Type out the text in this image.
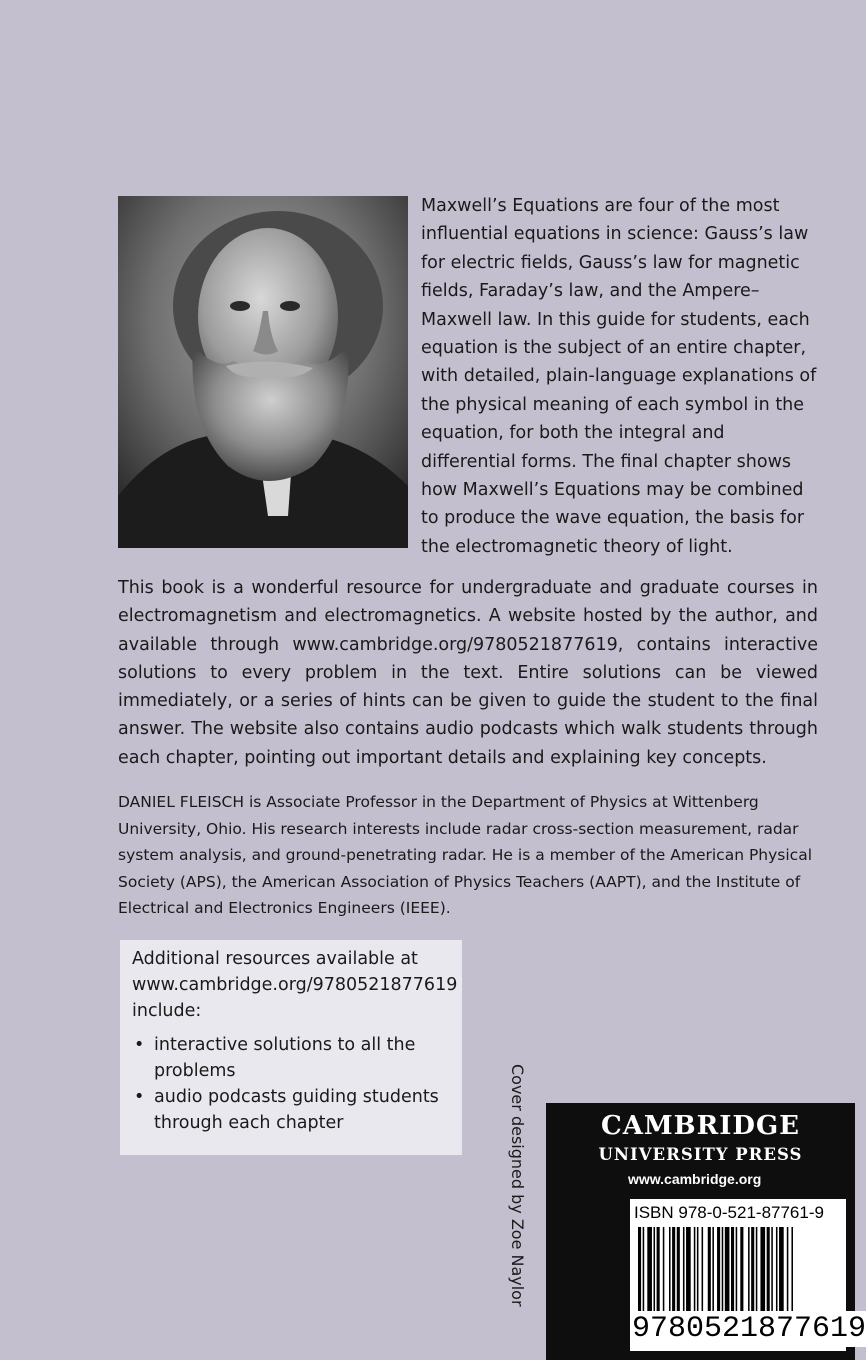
Maxwell’s Equations are four of the most influential equations in science: Gauss’s law for electric fields, Gauss’s law for magnetic fields, Faraday’s law, and the Ampere–Maxwell law. In this guide for students, each equation is the subject of an entire chapter, with detailed, plain-language explanations of the physical meaning of each symbol in the equation, for both the integral and differential forms. The final chapter shows how Maxwell’s Equations may be combined to produce the wave equation, the basis for the electromagnetic theory of light.

This book is a wonderful resource for undergraduate and graduate courses in electromagnetism and electromagnetics. A website hosted by the author, and available through www.cambridge.org/9780521877619, contains interactive solutions to every problem in the text. Entire solutions can be viewed immediately, or a series of hints can be given to guide the student to the final answer. The website also contains audio podcasts which walk students through each chapter, pointing out important details and explaining key concepts.

DANIEL FLEISCH is Associate Professor in the Department of Physics at Wittenberg University, Ohio. His research interests include radar cross-section measurement, radar system analysis, and ground-penetrating radar. He is a member of the American Physical Society (APS), the American Association of Physics Teachers (AAPT), and the Institute of Electrical and Electronics Engineers (IEEE).

Additional resources available at www.cambridge.org/9780521877619 include:

• interactive solutions to all the problems
• audio podcasts guiding students through each chapter	Cover designed by Zoe Naylor	CAMBRIDGE
UNIVERSITY PRESS
www.cambridge.org
ISBN 978-0-521-87761-9
9 780521 877619
